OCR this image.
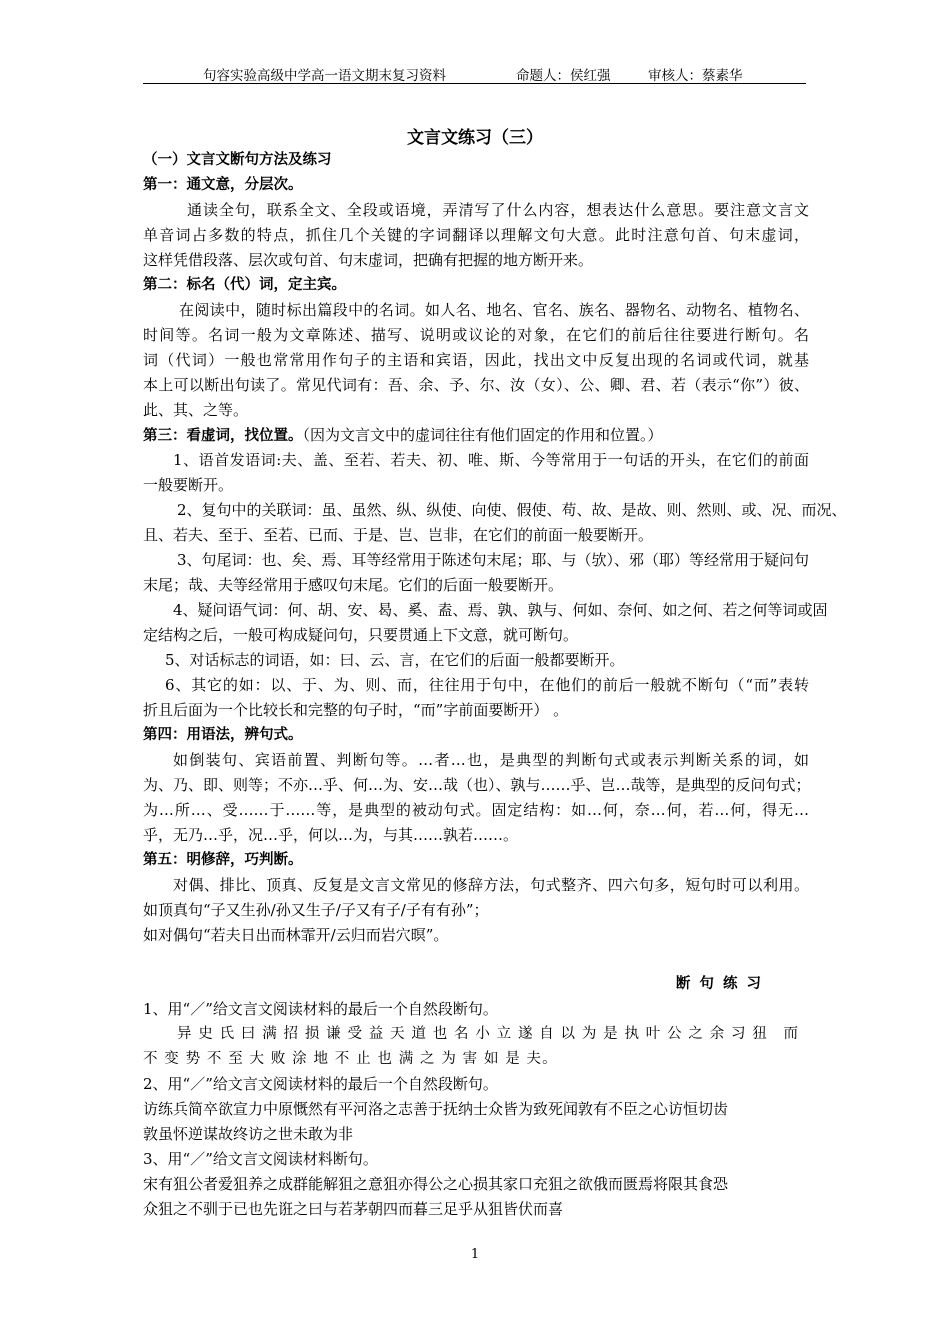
句容实验高级中学高一语文期末复习资料	命题人：侯红强	审核人：蔡素华
文言文练习（三）
（一）文言文断句方法及练习
第一：通文意，分层次。
通读全句，联系全文、全段或语境，弄清写了什么内容，想表达什么意思。要注意文言文
单音词占多数的特点，抓住几个关键的字词翻译以理解文句大意。此时注意句首、句末虚词，
这样凭借段落、层次或句首、句末虚词，把确有把握的地方断开来。
第二：标名（代）词，定主宾。
在阅读中，随时标出篇段中的名词。如人名、地名、官名、族名、器物名、动物名、植物名、
时间等。名词一般为文章陈述、描写、说明或议论的对象，在它们的前后往往要进行断句。名
词（代词）一般也常常用作句子的主语和宾语，因此，找出文中反复出现的名词或代词，就基
本上可以断出句读了。常见代词有：吾、余、予、尔、汝（女）、公、卿、君、若（表示“你”）彼、
此、其、之等。
第三：看虚词，找位置。（因为文言文中的虚词往往有他们固定的作用和位置。）
1、语首发语词:夫、盖、至若、若夫、初、唯、斯、今等常用于一句话的开头，在它们的前面
一般要断开。
2、复句中的关联词：虽、虽然、纵、纵使、向使、假使、苟、故、是故、则、然则、或、况、而况、
且、若夫、至于、至若、已而、于是、岂、岂非，在它们的前面一般要断开。
3、句尾词：也、矣、焉、耳等经常用于陈述句末尾；耶、与（欤）、邪（耶）等经常用于疑问句
末尾；哉、夫等经常用于感叹句末尾。它们的后面一般要断开。
4、疑问语气词：何、胡、安、曷、奚、盍、焉、孰、孰与、何如、奈何、如之何、若之何等词或固
定结构之后，一般可构成疑问句，只要贯通上下文意，就可断句。
5、对话标志的词语，如：曰、云、言，在它们的后面一般都要断开。
6、其它的如：以、于、为、则、而，往往用于句中，在他们的前后一般就不断句（“而”表转
折且后面为一个比较长和完整的句子时，“而”字前面要断开） 。
第四：用语法，辨句式。
如倒装句、宾语前置、判断句等。…者…也，是典型的判断句式或表示判断关系的词，如
为、乃、即、则等；不亦…乎、何…为、安…哉（也）、孰与……乎、岂…哉等，是典型的反问句式；
为…所…、受……于……等，是典型的被动句式。固定结构：如…何，奈…何，若…何，得无…
乎，无乃…乎，况…乎，何以…为，与其……孰若……。
第五：明修辞，巧判断。
对偶、排比、顶真、反复是文言文常见的修辞方法，句式整齐、四六句多，短句时可以利用。
如顶真句“子又生孙/孙又生子/子又有子/子有有孙”；
如对偶句“若夫日出而林霏开/云归而岩穴暝”。
断 句 练 习
1、用“／”给文言文阅读材料的最后一个自然段断句。
异 史 氏 曰 满 招 损 谦 受 益 天 道 也 名 小 立 遂 自 以 为 是 执 叶 公 之 余 习 狃　而
不 变 势 不 至 大 败 涂 地 不 止 也 满 之 为 害 如 是 夫。
2、用“／”给文言文阅读材料的最后一个自然段断句。
访练兵简卒欲宣力中原慨然有平河洛之志善于抚纳士众皆为致死闻敦有不臣之心访恒切齿
敦虽怀逆谋故终访之世未敢为非
3、用“／”给文言文阅读材料断句。
宋有狙公者爱狙养之成群能解狙之意狙亦得公之心损其家口充狙之欲俄而匮焉将限其食恐
众狙之不驯于已也先诳之曰与若茅朝四而暮三足乎从狙皆伏而喜
1
